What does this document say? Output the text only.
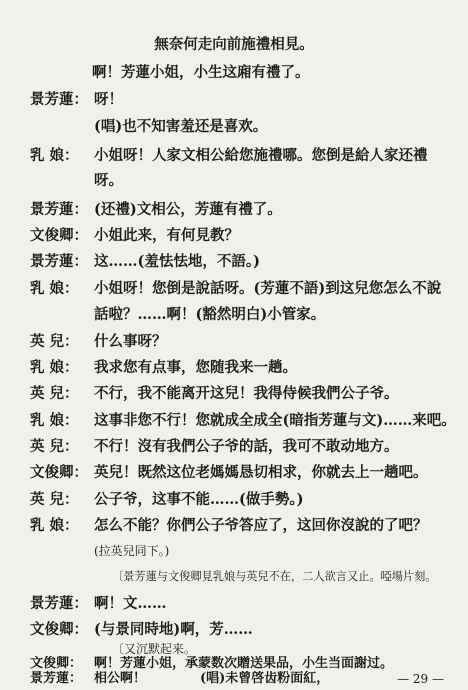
無奈何走向前施禮相見。
啊！芳蓮小姐，小生这廂有禮了。
景芳蓮： 呀！
(唱)也不知害羞还是喜欢。
乳 娘：	小姐呀！人家文相公給您施禮哪。您倒是給人家还禮
呀。
景芳蓮： (还禮)文相公，芳蓮有禮了。
文俊卿： 小姐此来，有何見教？
景芳蓮： 这……(羞怯怯地，不語。)
乳 娘：	小姐呀！您倒是說話呀。(芳蓮不語)到这兒您怎么不說
話啦？……啊！(豁然明白)小管家。
英 兒：	什么事呀？
乳 娘：	我求您有点事，您随我来一趟。
英 兒：	不行，我不能离开这兒！我得侍候我們公子爷。
乳 娘：	这事非您不行！您就成全成全(暗指芳蓮与文)……来吧。
英 兒：	不行！沒有我們公子爷的話，我可不敢动地方。
文俊卿： 英兒！既然这位老媽媽恳切相求，你就去上一趟吧。
英 兒：	公子爷，这事不能……(做手勢。)
乳 娘：	怎么不能？你們公子爷答应了，这回你沒說的了吧？
(拉英兒同下。)
〔景芳蓮与文俊卿見乳娘与英兒不在，二人欲言又止。啞場片刻。
景芳蓮： 啊！文……
文俊卿： (与景同時地)啊，芳……
〔又沉默起来。
文俊卿： 啊！芳蓮小姐，承蒙数次贈送果品，小生当面謝过。
景芳蓮：	(唱)未曾啓齿粉面紅，
相公啊！	— 29 —
